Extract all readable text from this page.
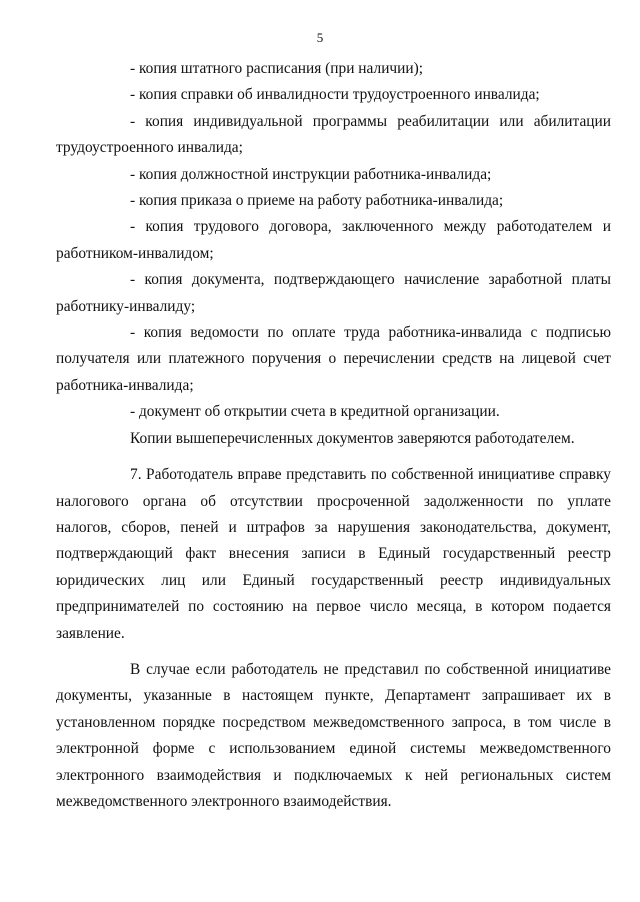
5

- копия штатного расписания (при наличии);

- копия справки об инвалидности трудоустроенного инвалида;

- копия индивидуальной программы реабилитации или абилитации
трудоустроенного инвалида;

- копия должностной инструкции работника-инвалида;

- копия приказа о приеме на работу работника-инвалида;

- копия трудового договора, заключенного между работодателем и
работником-инвалидом;

- копия документа, подтверждающего начисление заработной платы
работнику-инвалиду;

- копия ведомости по оплате труда работника-инвалида с подписью
получателя или платежного поручения о перечислении средств на лицевой счет
работника-инвалида;

- документ об открытии счета в кредитной организации.

Копии вышеперечисленных документов заверяются работодателем.

7. Работодатель вправе представить по собственной инициативе справку
налогового органа об отсутствии просроченной задолженности по уплате
налогов, сборов, пеней и штрафов за нарушения законодательства, документ,
подтверждающий факт внесения записи в Единый государственный реестр
юридических лиц или Единый государственный реестр индивидуальных
предпринимателей по состоянию на первое число месяца, в котором подается
заявление.

В случае если работодатель не представил по собственной инициативе
документы, указанные в настоящем пункте, Департамент запрашивает их в
установленном порядке посредством межведомственного запроса, в том числе в
электронной форме с использованием единой системы межведомственного
электронного взаимодействия и подключаемых к ней региональных систем
межведомственного электронного взаимодействия.
